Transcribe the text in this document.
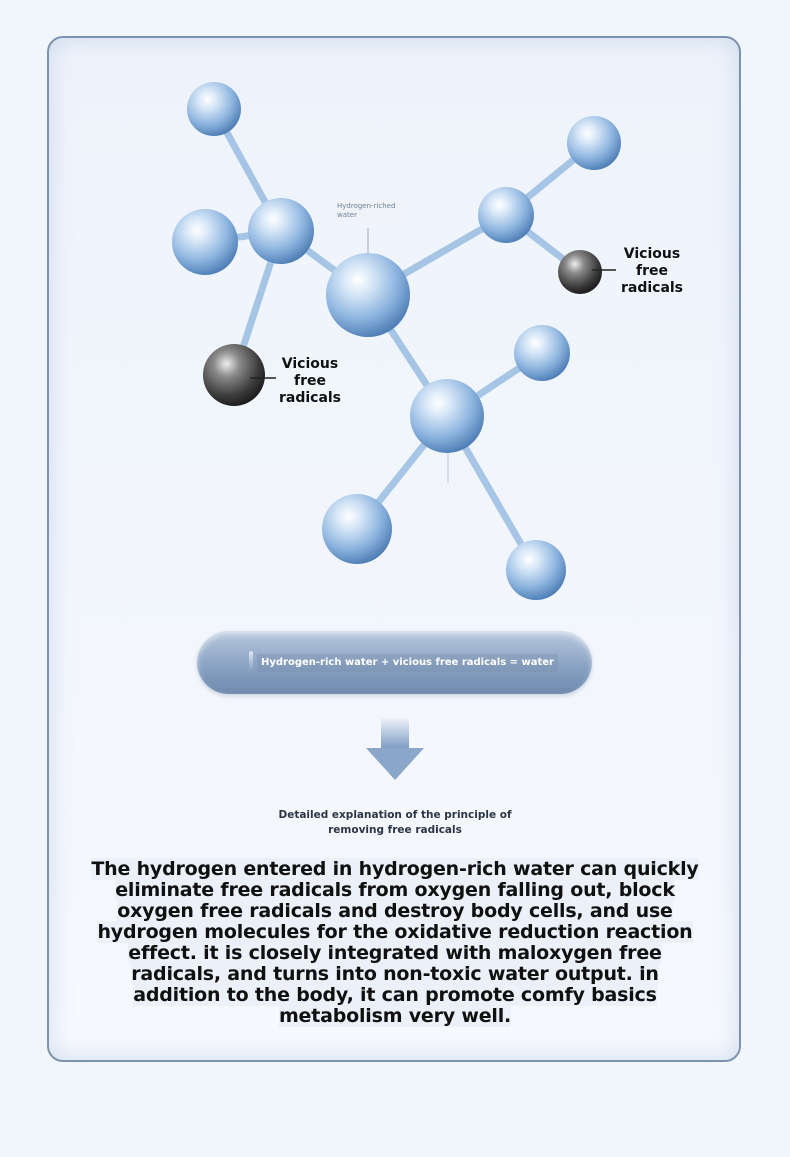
Hydrogen-riched water
Vicious free radicals
Vicious free radicals
Hydrogen-rich water + vicious free radicals = water
Detailed explanation of the principle of removing free radicals
The hydrogen entered in hydrogen-rich water can quickly eliminate free radicals from oxygen falling out, block oxygen free radicals and destroy body cells, and use hydrogen molecules for the oxidative reduction reaction effect. it is closely integrated with maloxygen free radicals, and turns into non-toxic water output. in addition to the body, it can promote comfy basics metabolism very well.
